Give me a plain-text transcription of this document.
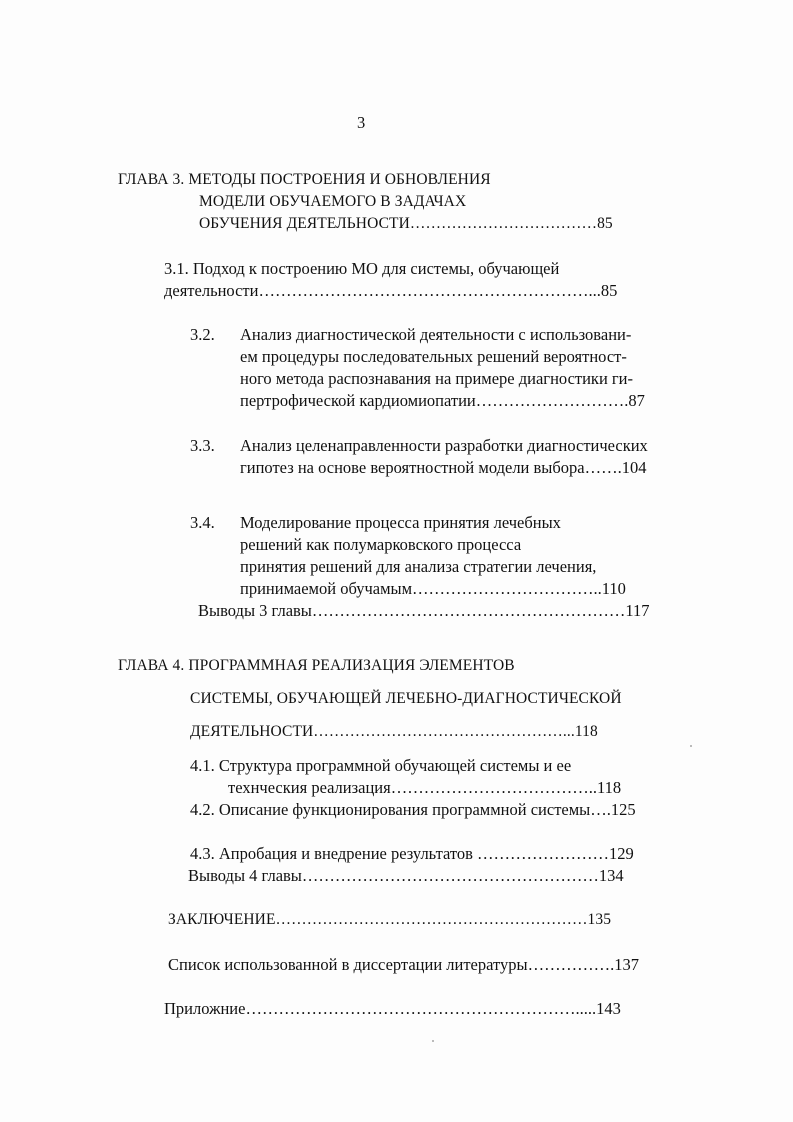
3
ГЛАВА 3. МЕТОДЫ ПОСТРОЕНИЯ И ОБНОВЛЕНИЯ
МОДЕЛИ ОБУЧАЕМОГО В ЗАДАЧАХ
ОБУЧЕНИЯ ДЕЯТЕЛЬНОСТИ………………………………85
3.1. Подход к построению МО для системы, обучающей
деятельности……………………………………………………...85
3.2. Анализ диагностической деятельности с использовани-
ем процедуры последовательных решений вероятност-
ного метода распознавания на примере диагностики ги-
пертрофической кардиомиопатии……………………….87
3.3. Анализ целенаправленности разработки диагностических
гипотез на основе вероятностной модели выбора…….104
3.4. Моделирование процесса принятия лечебных
решений как полумарковского процесса
принятия решений для анализа стратегии лечения,
принимаемой обучамым……………………………..110
Выводы 3 главы…………………………………………………117
ГЛАВА 4. ПРОГРАММНАЯ РЕАЛИЗАЦИЯ ЭЛЕМЕНТОВ
СИСТЕМЫ, ОБУЧАЮЩЕЙ ЛЕЧЕБНО-ДИАГНОСТИЧЕСКОЙ
ДЕЯТЕЛЬНОСТИ…………………………………………...118
4.1. Структура программной обучающей системы и ее
технческия реализация………………………………..118
4.2. Описание функционирования программной системы….125
4.3. Апробация и внедрение результатов ……………………129
Выводы 4 главы………………………………………………134
ЗАКЛЮЧЕНИЕ……………………………………………………135
Список использованной в диссертации литературы…………….137
Приложние…………………………………………………….....143
